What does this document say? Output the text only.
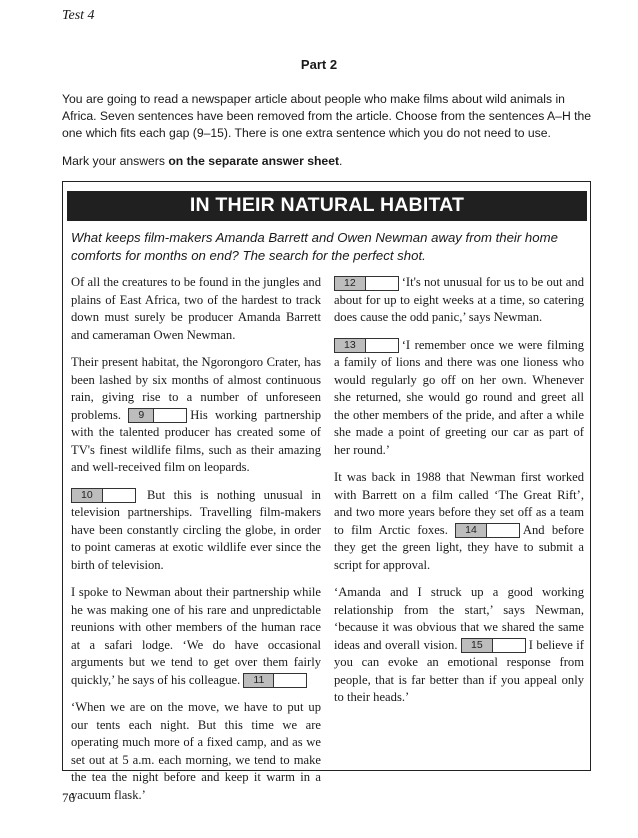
Test 4
Part 2
You are going to read a newspaper article about people who make films about wild animals in Africa. Seven sentences have been removed from the article. Choose from the sentences A–H the one which fits each gap (9–15). There is one extra sentence which you do not need to use.
Mark your answers on the separate answer sheet.
IN THEIR NATURAL HABITAT
What keeps film-makers Amanda Barrett and Owen Newman away from their home comforts for months on end? The search for the perfect shot.

Of all the creatures to be found in the jungles and plains of East Africa, two of the hardest to track down must surely be producer Amanda Barrett and cameraman Owen Newman.

Their present habitat, the Ngorongoro Crater, has been lashed by six months of almost continuous rain, giving rise to a number of unforeseen problems.	9	His working partnership with the talented producer has created some of TV's finest wildlife films, such as their amazing and well-received film on leopards.

10	But this is nothing unusual in television partnerships. Travelling film-makers have been constantly circling the globe, in order to point cameras at exotic wildlife ever since the birth of television.

I spoke to Newman about their partnership while he was making one of his rare and unpredictable reunions with other members of the human race at a safari lodge. ‘We do have occasional arguments but we tend to get over them fairly quickly,’ he says of his colleague.	11

‘When we are on the move, we have to put up our tents each night. But this time we are operating much more of a fixed camp, and as we set out at 5 a.m. each morning, we tend to make the tea the night before and keep it warm in a vacuum flask.’

12	‘It's not unusual for us to be out and about for up to eight weeks at a time, so catering does cause the odd panic,’ says Newman.

13	‘I remember once we were filming a family of lions and there was one lioness who would regularly go off on her own. Whenever she returned, she would go round and greet all the other members of the pride, and after a while she made a point of greeting our car as part of her round.’

It was back in 1988 that Newman first worked with Barrett on a film called ‘The Great Rift’, and two more years before they set off as a team to film Arctic foxes.	14	And before they get the green light, they have to submit a script for approval.

‘Amanda and I struck up a good working relationship from the start,’ says Newman, ‘because it was obvious that we shared the same ideas and overall vision.	15	I believe if you can evoke an emotional response from people, that is far better than if you appeal only to their heads.’

76
